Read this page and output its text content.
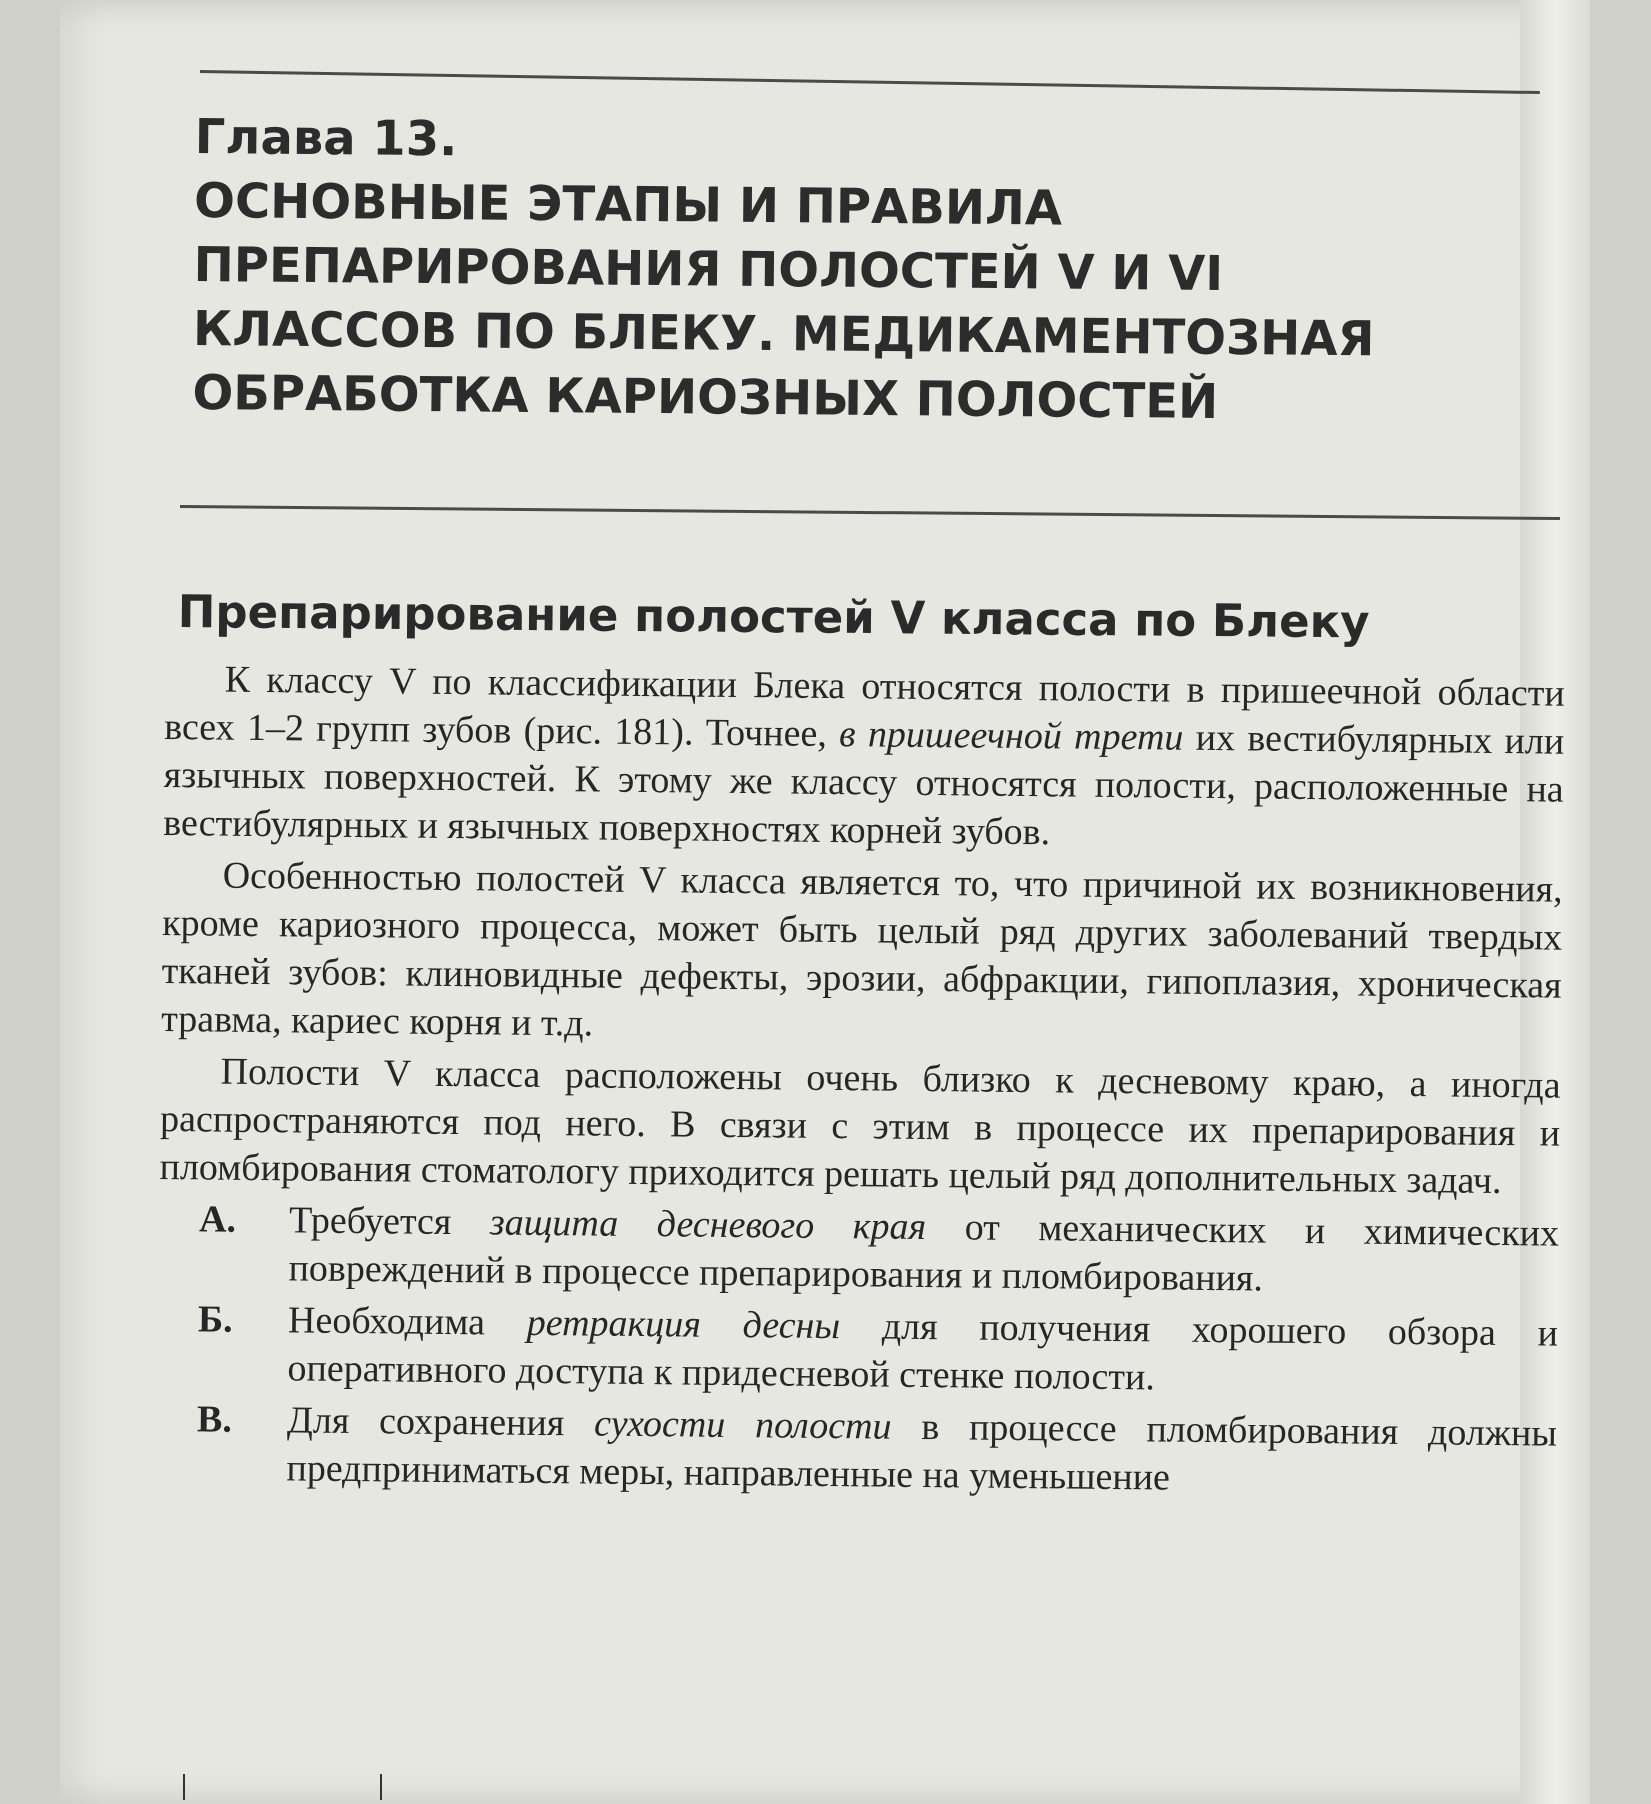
Глава 13.
ОСНОВНЫЕ ЭТАПЫ И ПРАВИЛА
ПРЕПАРИРОВАНИЯ ПОЛОСТЕЙ V И VI
КЛАССОВ ПО БЛЕКУ. МЕДИКАМЕНТОЗНАЯ
ОБРАБОТКА КАРИОЗНЫХ ПОЛОСТЕЙ
Препарирование полостей V класса по Блеку

К классу V по классификации Блека относятся полости в пришеечной области всех 1–2 групп зубов (рис. 181). Точнее, в пришеечной трети их вестибулярных или язычных поверхностей. К этому же классу относятся полости, расположенные на вестибулярных и язычных поверхностях корней зубов.

Особенностью полостей V класса является то, что причиной их возникновения, кроме кариозного процесса, может быть целый ряд других заболеваний твердых тканей зубов: клиновидные дефекты, эрозии, абфракции, гипоплазия, хроническая травма, кариес корня и т.д.

Полости V класса расположены очень близко к десневому краю, а иногда распространяются под него. В связи с этим в процессе их препарирования и пломбирования стоматологу приходится решать целый ряд дополнительных задач.

А. Требуется защита десневого края от механических и химических повреждений в процессе препарирования и пломбирования.
Б. Необходима ретракция десны для получения хорошего обзора и оперативного доступа к придесневой стенке полости.
В. Для сохранения сухости полости в процессе пломбирования должны предприниматься меры, направленные на уменьшение
